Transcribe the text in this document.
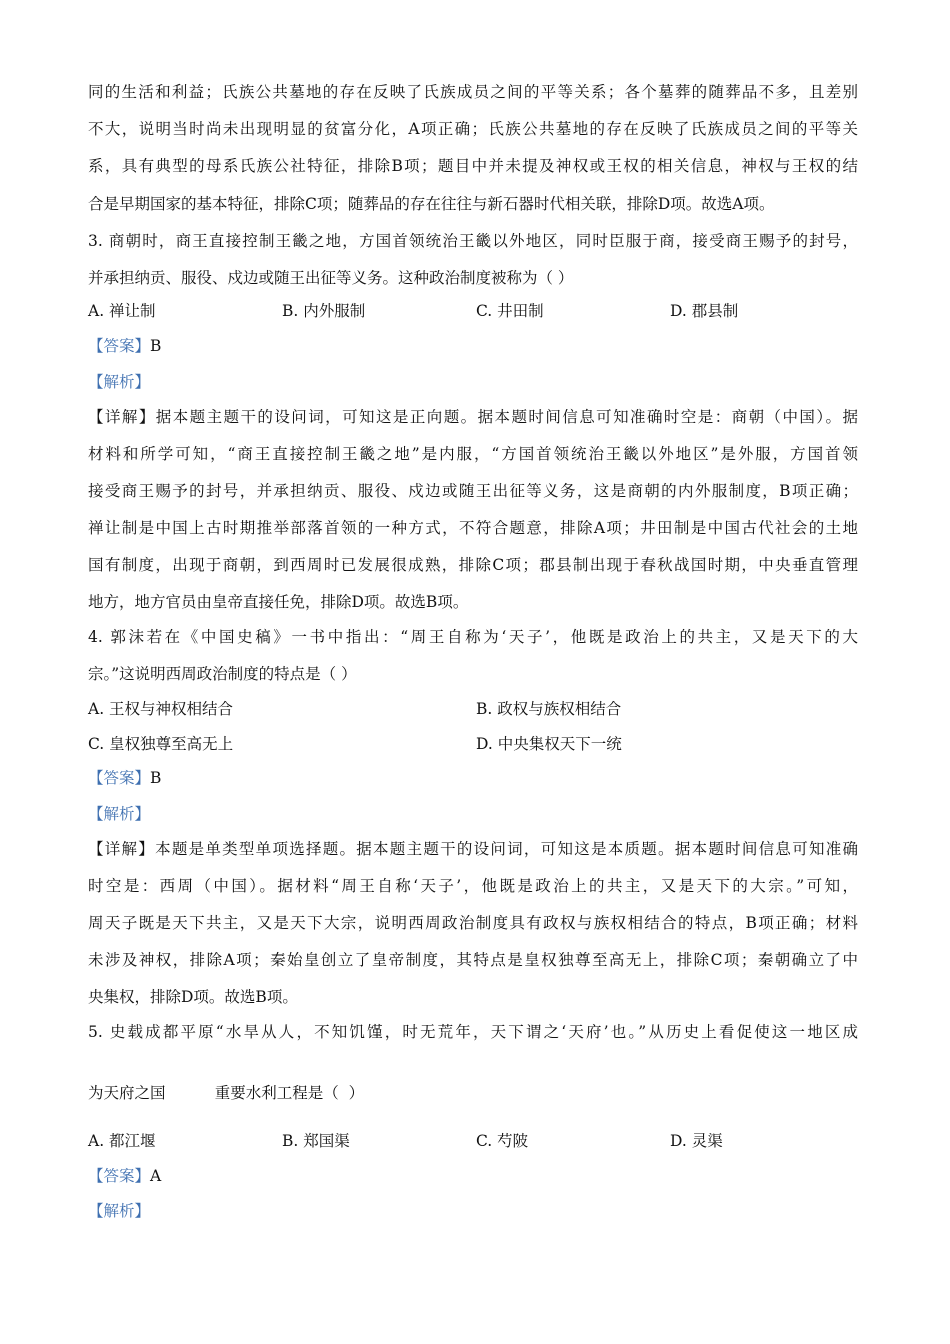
同的生活和利益；氏族公共墓地的存在反映了氏族成员之间的平等关系；各个墓葬的随葬品不多，且差别
不大，说明当时尚未出现明显的贫富分化，A项正确；氏族公共墓地的存在反映了氏族成员之间的平等关
系，具有典型的母系氏族公社特征，排除B项；题目中并未提及神权或王权的相关信息，神权与王权的结
合是早期国家的基本特征，排除C项；随葬品的存在往往与新石器时代相关联，排除D项。故选A项。
3. 商朝时，商王直接控制王畿之地，方国首领统治王畿以外地区，同时臣服于商，接受商王赐予的封号，
并承担纳贡、服役、戍边或随王出征等义务。这种政治制度被称为（ ）
A. 禅让制	B. 内外服制	C. 井田制	D. 郡县制
【答案】B
【解析】
【详解】据本题主题干的设问词，可知这是正向题。据本题时间信息可知准确时空是：商朝（中国）。据
材料和所学可知，“商王直接控制王畿之地”是内服，“方国首领统治王畿以外地区”是外服，方国首领
接受商王赐予的封号，并承担纳贡、服役、戍边或随王出征等义务，这是商朝的内外服制度，B项正确；
禅让制是中国上古时期推举部落首领的一种方式，不符合题意，排除A项；井田制是中国古代社会的土地
国有制度，出现于商朝，到西周时已发展很成熟，排除C项；郡县制出现于春秋战国时期，中央垂直管理
地方，地方官员由皇帝直接任免，排除D项。故选B项。
4. 郭沫若在《中国史稿》一书中指出：“周王自称为‘天子’，他既是政治上的共主，又是天下的大
宗。”这说明西周政治制度的特点是（ ）
A. 王权与神权相结合	B. 政权与族权相结合
C. 皇权独尊至高无上	D. 中央集权天下一统
【答案】B
【解析】
【详解】本题是单类型单项选择题。据本题主题干的设问词，可知这是本质题。据本题时间信息可知准确
时空是：西周（中国）。据材料“周王自称‘天子’，他既是政治上的共主，又是天下的大宗。”可知，
周天子既是天下共主，又是天下大宗，说明西周政治制度具有政权与族权相结合的特点，B项正确；材料
未涉及神权，排除A项；秦始皇创立了皇帝制度，其特点是皇权独尊至高无上，排除C项；秦朝确立了中
央集权，排除D项。故选B项。
5. 史载成都平原“水旱从人，不知饥馑，时无荒年，天下谓之‘天府’也。”从历史上看促使这一地区成
为天府之国          重要水利工程是（  ）
A. 都江堰	B. 郑国渠	C. 芍陂	D. 灵渠
【答案】A
【解析】
